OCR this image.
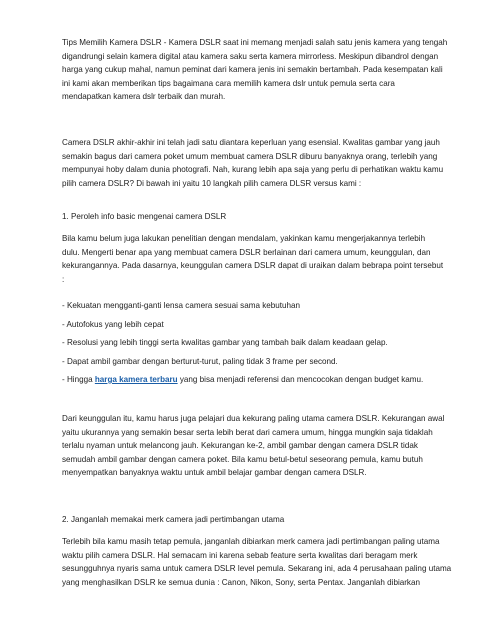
Tips Memilih Kamera DSLR - Kamera DSLR saat ini memang menjadi salah satu jenis kamera yang tengah
digandrungi selain kamera digital atau kamera saku serta kamera mirrorless. Meskipun dibandrol dengan
harga yang cukup mahal, namun peminat dari kamera jenis ini semakin bertambah. Pada kesempatan kali
ini kami akan memberikan tips bagaimana cara memilih kamera dslr untuk pemula serta cara
mendapatkan kamera dslr terbaik dan murah.
Camera DSLR akhir-akhir ini telah jadi satu diantara keperluan yang esensial. Kwalitas gambar yang jauh
semakin bagus dari camera poket umum membuat camera DSLR diburu banyaknya orang, terlebih yang
mempunyai hoby dalam dunia photografi. Nah, kurang lebih apa saja yang perlu di perhatikan waktu kamu
pilih camera DSLR? Di bawah ini yaitu 10 langkah pilih camera DLSR versus kami :
1. Peroleh info basic mengenai camera DSLR
Bila kamu belum juga lakukan penelitian dengan mendalam, yakinkan kamu mengerjakannya terlebih
dulu. Mengerti benar apa yang membuat camera DSLR berlainan dari camera umum, keunggulan, dan
kekurangannya. Pada dasarnya, keunggulan camera DSLR dapat di uraikan dalam bebrapa point tersebut
:
- Kekuatan mengganti-ganti lensa camera sesuai sama kebutuhan
- Autofokus yang lebih cepat
- Resolusi yang lebih tinggi serta kwalitas gambar yang tambah baik dalam keadaan gelap.
- Dapat ambil gambar dengan berturut-turut, paling tidak 3 frame per second.
- Hingga harga kamera terbaru yang bisa menjadi referensi dan mencocokan dengan budget kamu.
Dari keunggulan itu, kamu harus juga pelajari dua kekurang paling utama camera DSLR. Kekurangan awal
yaitu ukurannya yang semakin besar serta lebih berat dari camera umum, hingga mungkin saja tidaklah
terlalu nyaman untuk melancong jauh. Kekurangan ke-2, ambil gambar dengan camera DSLR tidak
semudah ambil gambar dengan camera poket. Bila kamu betul-betul seseorang pemula, kamu butuh
menyempatkan banyaknya waktu untuk ambil belajar gambar dengan camera DSLR.
2. Janganlah memakai merk camera jadi pertimbangan utama
Terlebih bila kamu masih tetap pemula, janganlah dibiarkan merk camera jadi pertimbangan paling utama
waktu pilih camera DSLR. Hal semacam ini karena sebab feature serta kwalitas dari beragam merk
sesungguhnya nyaris sama untuk camera DSLR level pemula. Sekarang ini, ada 4 perusahaan paling utama
yang menghasilkan DSLR ke semua dunia : Canon, Nikon, Sony, serta Pentax. Janganlah dibiarkan
